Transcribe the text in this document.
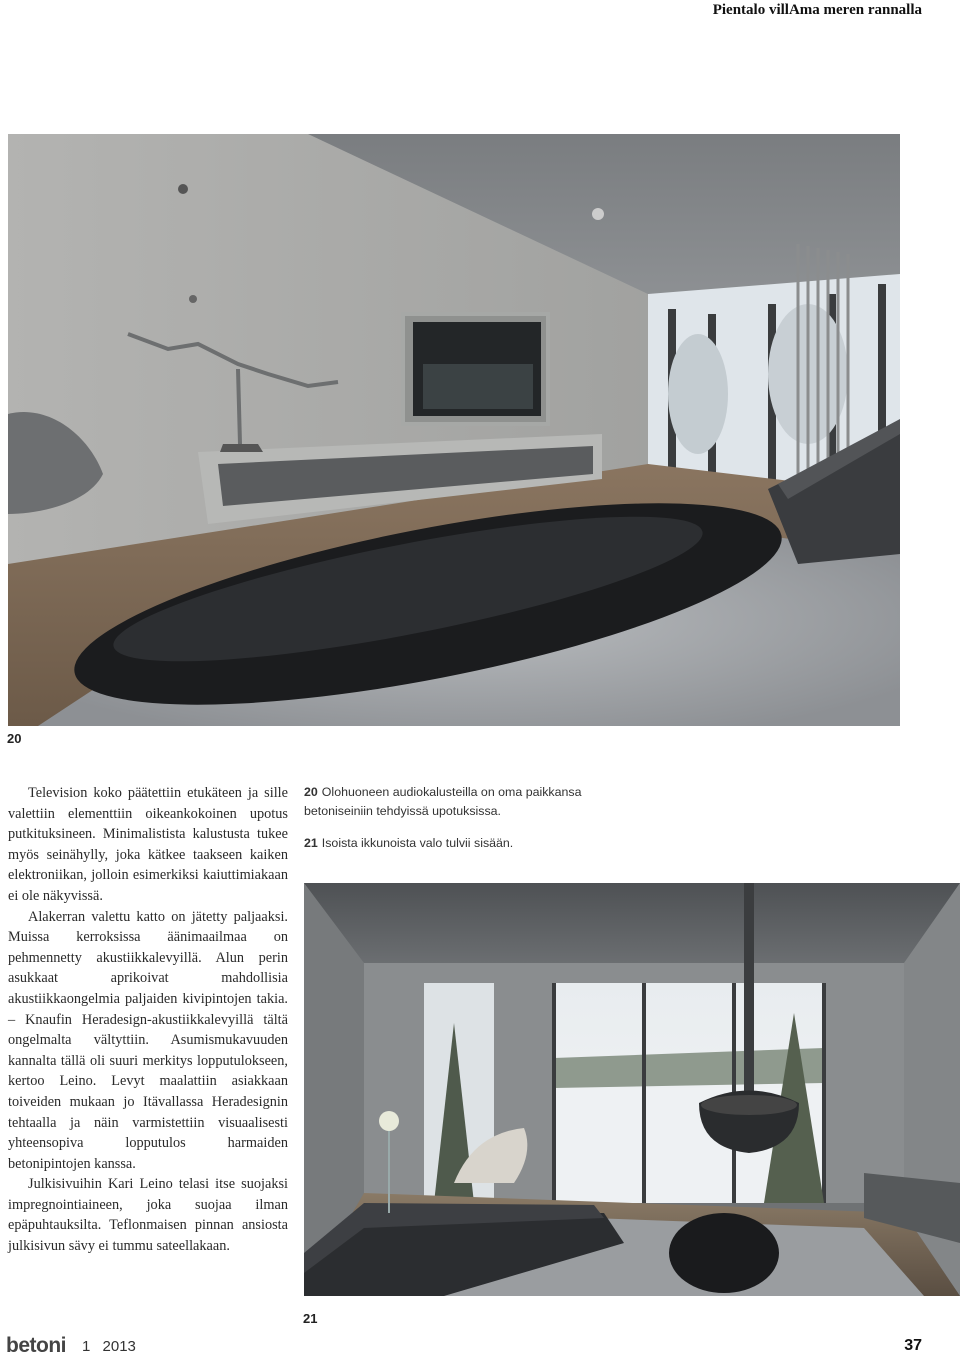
Pientalo villAma meren rannalla
20

Television koko päätettiin etukäteen ja sille valettiin elementtiin oikeankokoinen upotus putkituksineen. Minimalistista kalustusta tukee myös seinähylly, joka kätkee taakseen kaiken elektroniikan, jolloin esimerkiksi kaiuttimiakaan ei ole näkyvissä.

Alakerran valettu katto on jätetty paljaaksi. Muissa kerroksissa äänimaailmaa on pehmennetty akustiikkalevyillä. Alun perin asukkaat aprikoivat mahdollisia akustiikkaongelmia paljaiden kivipintojen takia. – Knaufin Heradesign-akustiikkalevyillä tältä ongelmalta vältyttiin. Asumismukavuuden kannalta tällä oli suuri merkitys lopputulokseen, kertoo Leino. Levyt maalattiin asiakkaan toiveiden mukaan jo Itävallassa Heradesignin tehtaalla ja näin varmistettiin visuaalisesti yhteensopiva lopputulos harmaiden betonipintojen kanssa.

Julkisivuihin Kari Leino telasi itse suojaksi impregnointiaineen, joka suojaa ilman epäpuhtauksilta. Teflonmaisen pinnan ansiosta julkisivun sävy ei tummu sateellakaan.

20 Olohuoneen audiokalusteilla on oma paikkansa betoniseiniin tehdyissä upotuksissa.

21 Isoista ikkunoista valo tulvii sisään.

21
betoni 1 2013	37
